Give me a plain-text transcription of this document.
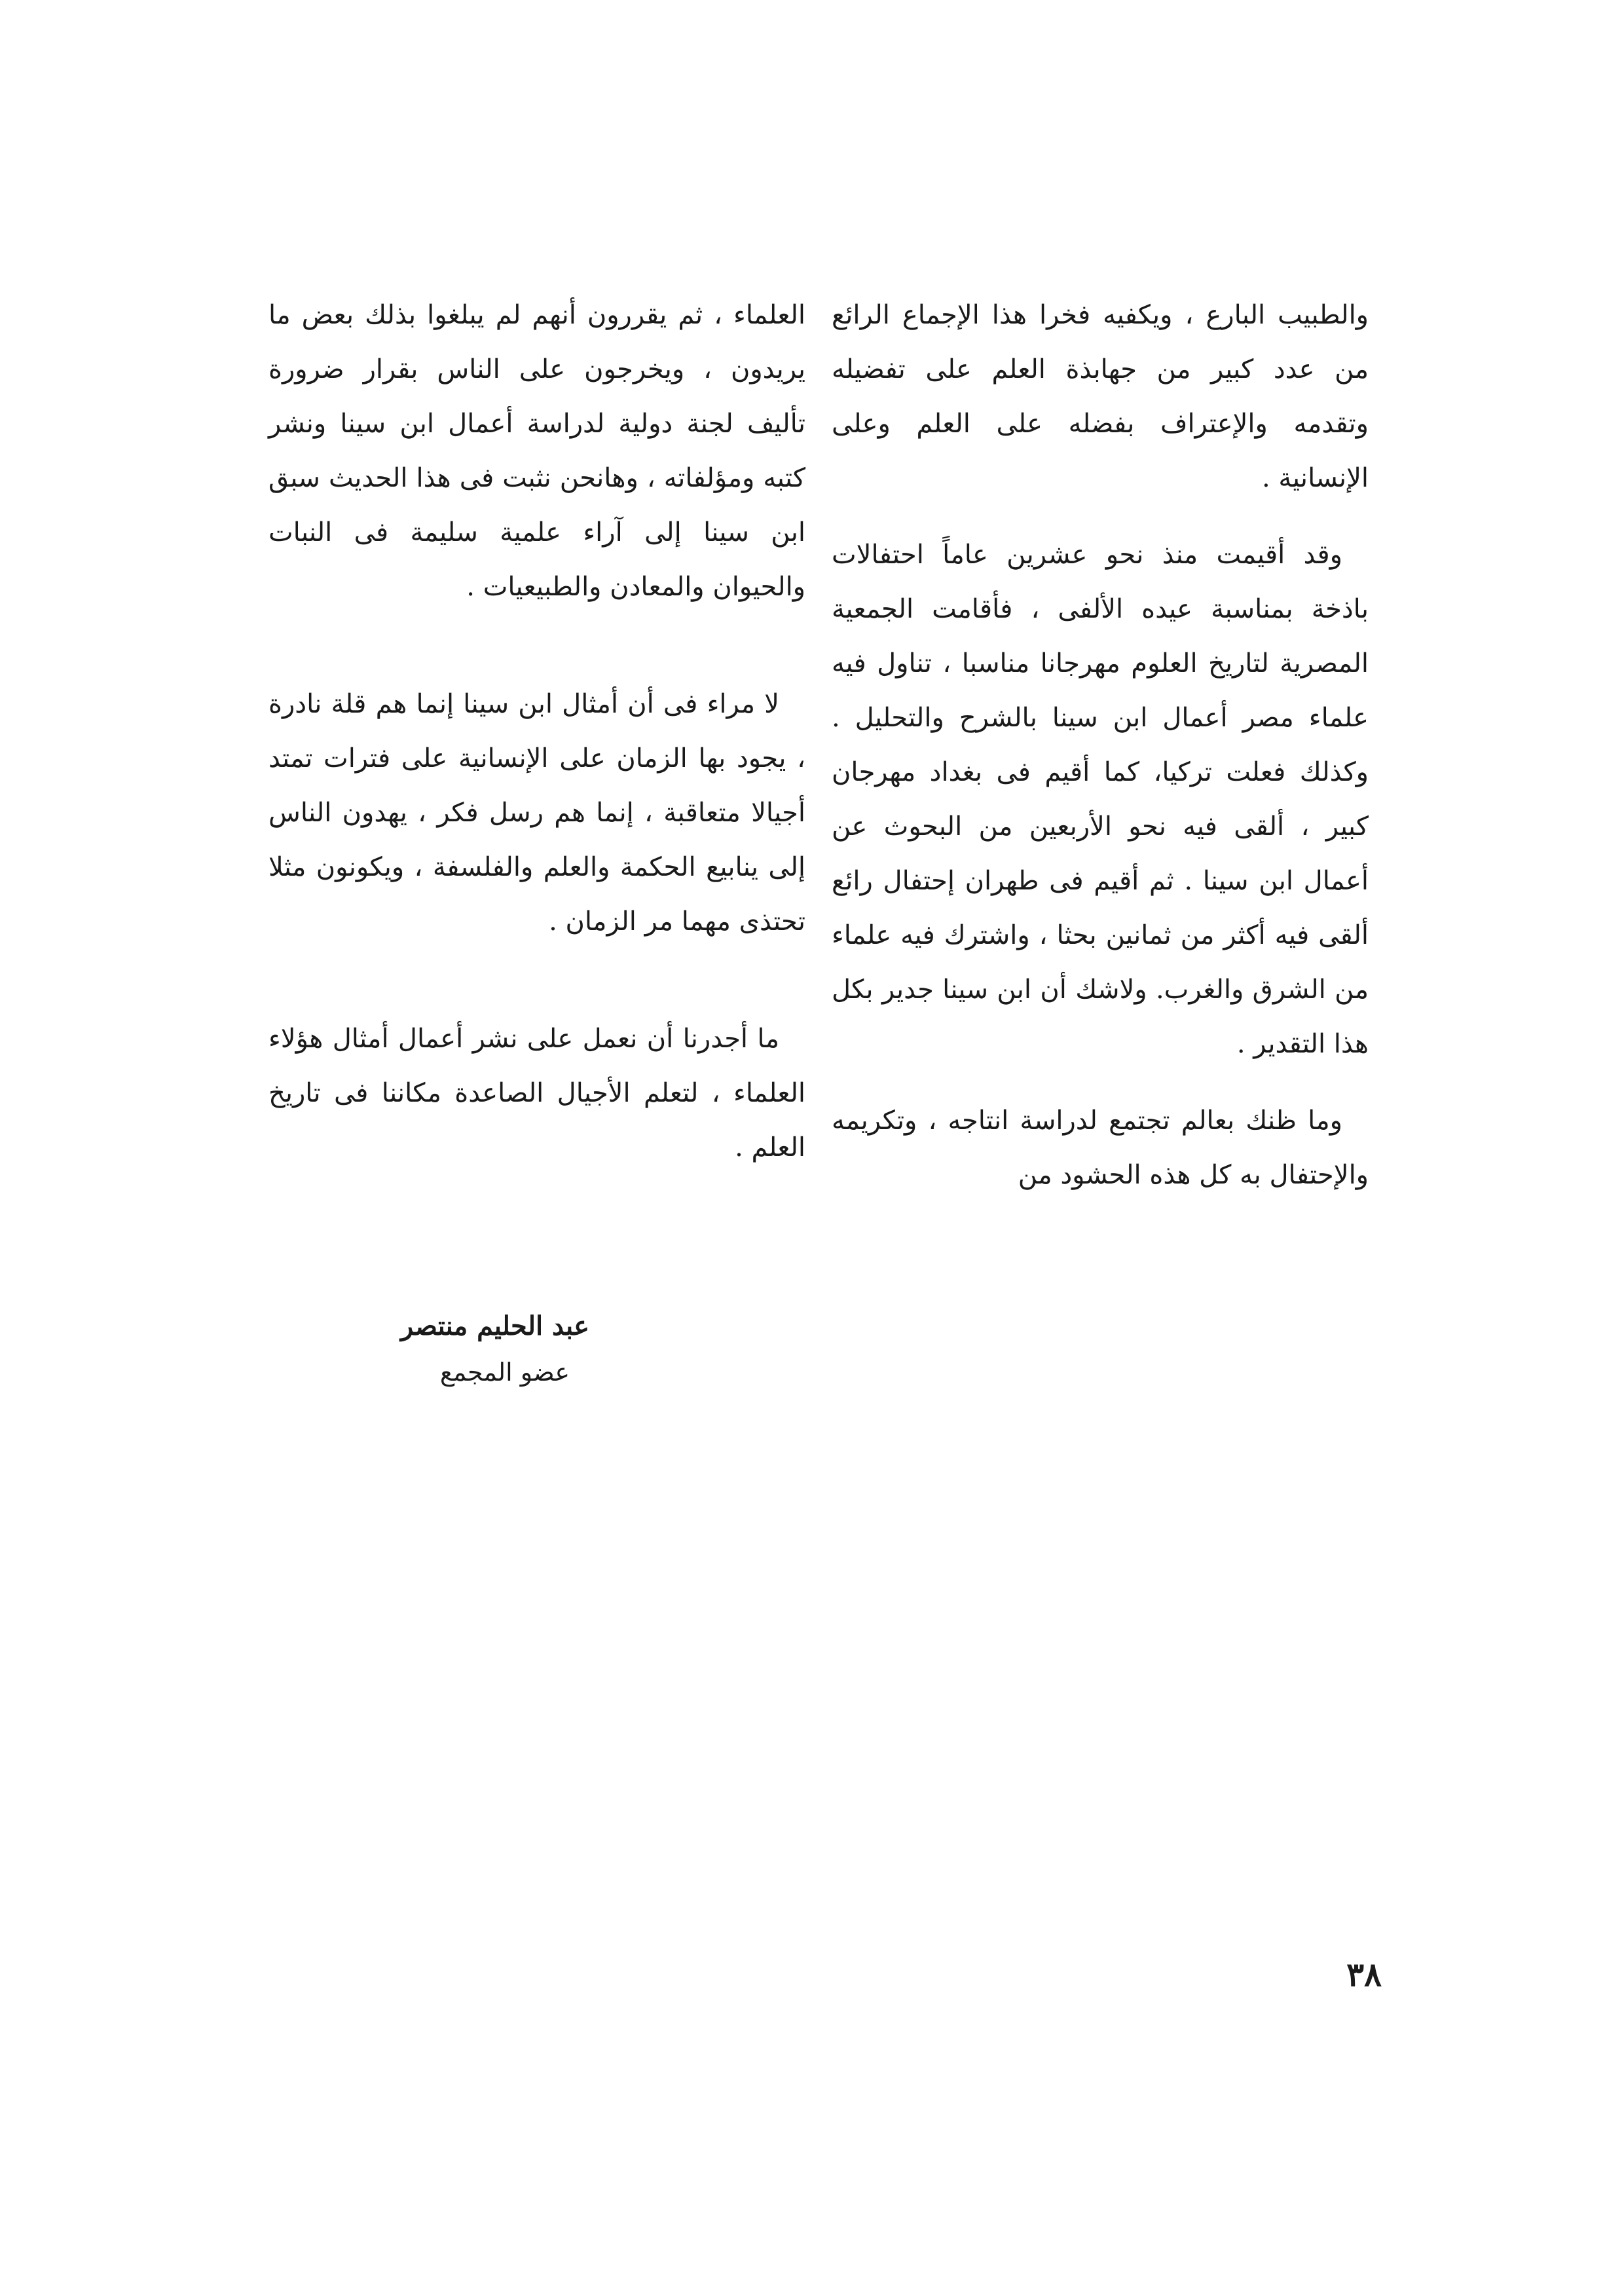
والطبيب البارع ، ويكفيه فخرا هذا الإجماع الرائع من عدد كبير من جهابذة العلم على تفضيله وتقدمه والإعتراف بفضله على العلم وعلى الإنسانية .

وقد أقيمت منذ نحو عشرين عاماً احتفالات باذخة بمناسبة عيده الألفى ، فأقامت الجمعية المصرية لتاريخ العلوم مهرجانا مناسبا ، تناول فيه علماء مصر أعمال ابن سينا بالشرح والتحليل . وكذلك فعلت تركيا، كما أقيم فى بغداد مهرجان كبير ، ألقى فيه نحو الأربعين من البحوث عن أعمال ابن سينا . ثم أقيم فى طهران إحتفال رائع ألقى فيه أكثر من ثمانين بحثا ، واشترك فيه علماء من الشرق والغرب. ولاشك أن ابن سينا جدير بكل هذا التقدير .

وما ظنك بعالم تجتمع لدراسة انتاجه ، وتكريمه والإحتفال به كل هذه الحشود من

العلماء ، ثم يقررون أنهم لم يبلغوا بذلك بعض ما يريدون ، ويخرجون على الناس بقرار ضرورة تأليف لجنة دولية لدراسة أعمال ابن سينا ونشر كتبه ومؤلفاته ، وهانحن نثبت فى هذا الحديث سبق ابن سينا إلى آراء علمية سليمة فى النبات والحيوان والمعادن والطبيعيات .

لا مراء فى أن أمثال ابن سينا إنما هم قلة نادرة ، يجود بها الزمان على الإنسانية على فترات تمتد أجيالا متعاقبة ، إنما هم رسل فكر ، يهدون الناس إلى ينابيع الحكمة والعلم والفلسفة ، ويكونون مثلا تحتذى مهما مر الزمان .

ما أجدرنا أن نعمل على نشر أعمال أمثال هؤلاء العلماء ، لتعلم الأجيال الصاعدة مكاننا فى تاريخ العلم .

عبد الحليم منتصر
عضو المجمع
٣٨
